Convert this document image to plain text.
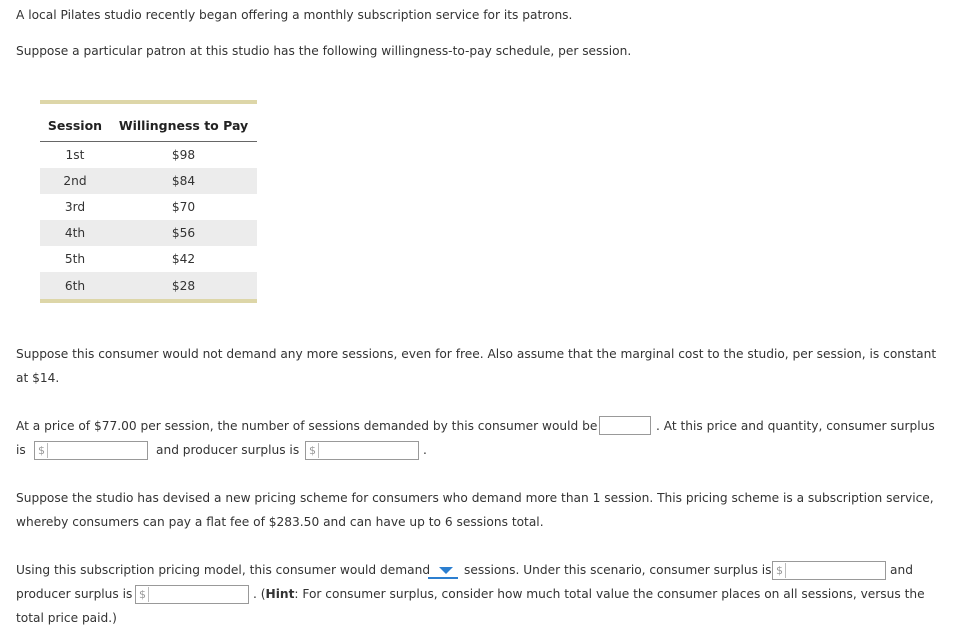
A local Pilates studio recently began offering a monthly subscription service for its patrons.

Suppose a particular patron at this studio has the following willingness-to-pay schedule, per session.

Session	Willingness to Pay
1st	$98
2nd	$84
3rd	$70
4th	$56
5th	$42
6th	$28

Suppose this consumer would not demand any more sessions, even for free. Also assume that the marginal cost to the studio, per session, is constant

at $14.

At a price of $77.00 per session, the number of sessions demanded by this consumer would be	. At this price and quantity, consumer surplus

is $	and producer surplus is $	.

Suppose the studio has devised a new pricing scheme for consumers who demand more than 1 session. This pricing scheme is a subscription service,

whereby consumers can pay a flat fee of $283.50 and can have up to 6 sessions total.

Using this subscription pricing model, this consumer would demand	sessions. Under this scenario, consumer surplus is $	and

producer surplus is $	. (Hint: For consumer surplus, consider how much total value the consumer places on all sessions, versus the

total price paid.)
